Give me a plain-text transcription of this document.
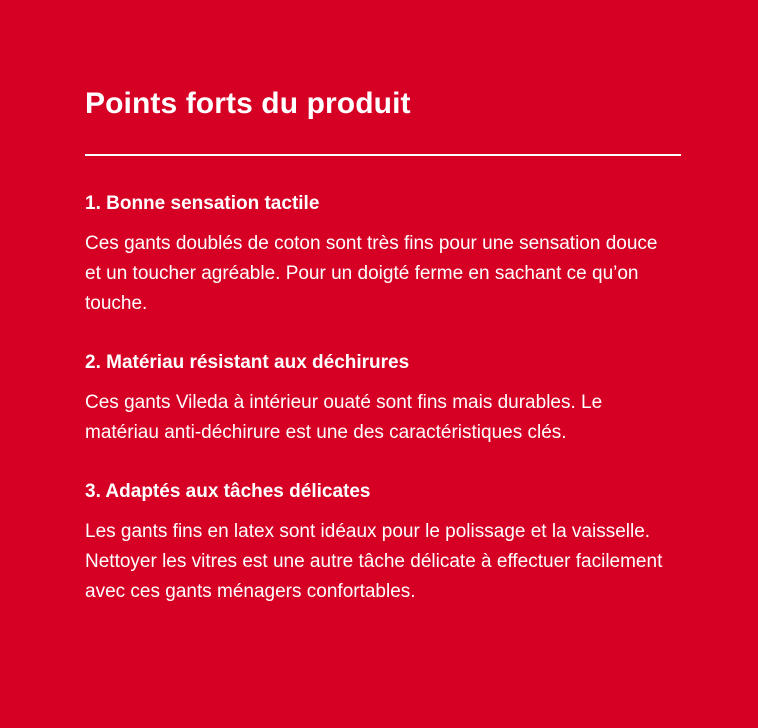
Points forts du produit
1. Bonne sensation tactile

Ces gants doublés de coton sont très fins pour une sensation douce et un toucher agréable. Pour un doigté ferme en sachant ce qu’on touche.

2. Matériau résistant aux déchirures

Ces gants Vileda à intérieur ouaté sont fins mais durables. Le matériau anti-déchirure est une des caractéristiques clés.

3. Adaptés aux tâches délicates

Les gants fins en latex sont idéaux pour le polissage et la vaisselle. Nettoyer les vitres est une autre tâche délicate à effectuer facilement avec ces gants ménagers confortables.
